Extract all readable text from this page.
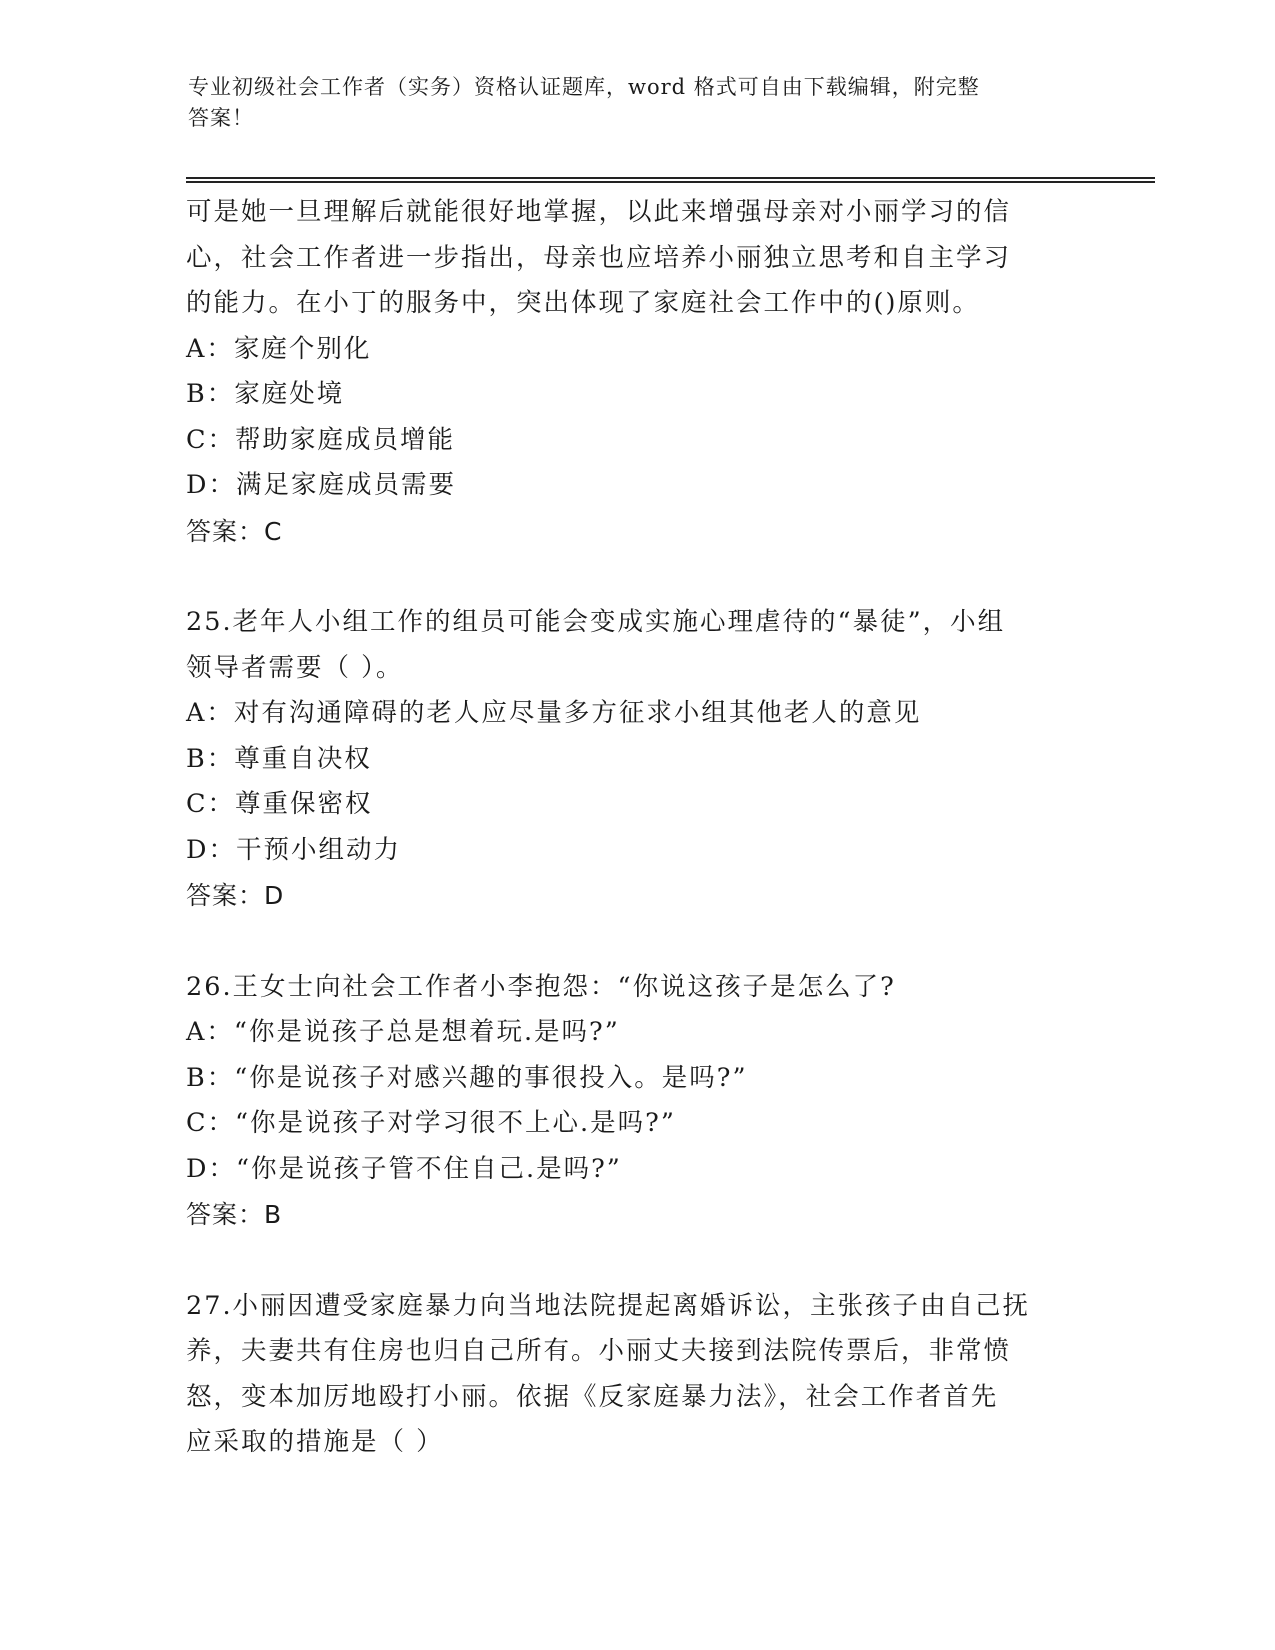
专业初级社会工作者（实务）资格认证题库，word 格式可自由下载编辑，附完整
答案！
可是她一旦理解后就能很好地掌握，以此来增强母亲对小丽学习的信
心，社会工作者进一步指出，母亲也应培养小丽独立思考和自主学习
的能力。在小丁的服务中，突出体现了家庭社会工作中的()原则。
A：家庭个别化
B：家庭处境
C：帮助家庭成员增能
D：满足家庭成员需要
答案：C
25.老年人小组工作的组员可能会变成实施心理虐待的“暴徒”，小组
领导者需要（ ）。
A：对有沟通障碍的老人应尽量多方征求小组其他老人的意见
B：尊重自决权
C：尊重保密权
D：干预小组动力
答案：D
26.王女士向社会工作者小李抱怨：“你说这孩子是怎么了?
A：“你是说孩子总是想着玩.是吗?”
B：“你是说孩子对感兴趣的事很投入。是吗?”
C：“你是说孩子对学习很不上心.是吗?”
D：“你是说孩子管不住自己.是吗?”
答案：B
27.小丽因遭受家庭暴力向当地法院提起离婚诉讼，主张孩子由自己抚
养，夫妻共有住房也归自己所有。小丽丈夫接到法院传票后，非常愤
怒，变本加厉地殴打小丽。依据《反家庭暴力法》，社会工作者首先
应采取的措施是（ ）
